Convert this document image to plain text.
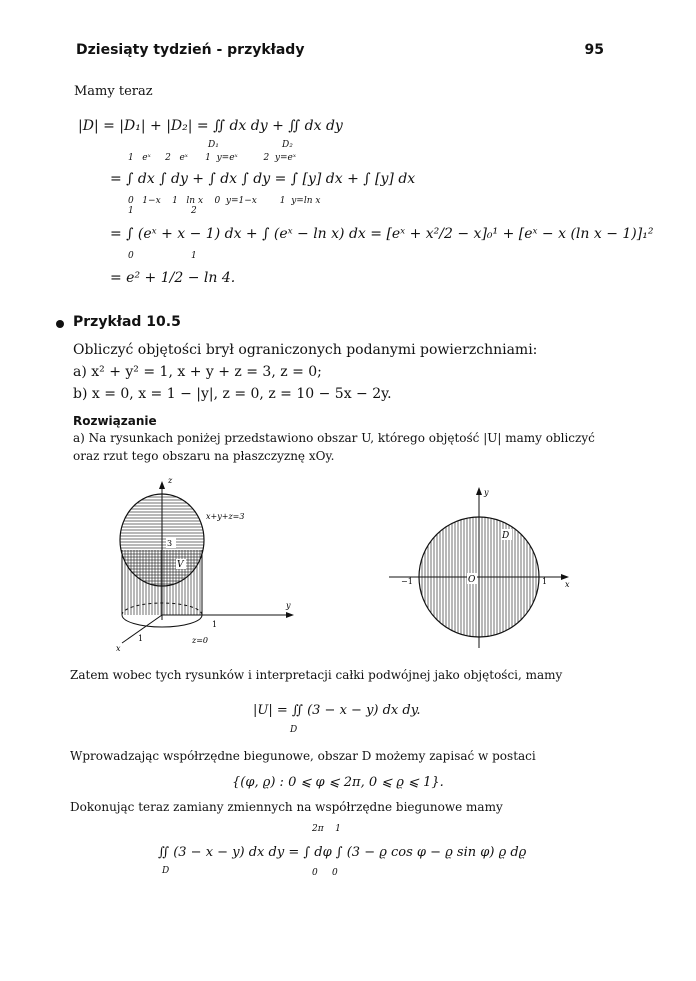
Dziesiąty tydzień - przykłady	95
Mamy teraz
|D| = |D₁| + |D₂| = ∬ dx dy + ∬ dx dy
D₁	D₂
1   eˣ     2   eˣ      1  y=eˣ         2  y=eˣ
= ∫ dx ∫ dy + ∫ dx ∫ dy = ∫ [y] dx + ∫ [y] dx
0   1−x    1   ln x    0  y=1−x        1  y=ln x
1                    2
= ∫ (eˣ + x − 1) dx + ∫ (eˣ − ln x) dx = [eˣ + x²/2 − x]₀¹ + [eˣ − x (ln x − 1)]₁²
0                    1
= e² + 1/2 − ln 4.
Przykład 10.5
Obliczyć objętości brył ograniczonych podanymi powierzchniami:
a) x² + y² = 1, x + y + z = 3, z = 0;
b) x = 0, x = 1 − |y|, z = 0, z = 10 − 5x − 2y.
Rozwiązanie
a) Na rysunkach poniżej przedstawiono obszar U, którego objętość |U| mamy obliczyć
oraz rzut tego obszaru na płaszczyznę xOy.
3
V
z
x+y+z=3
y
x
1
1
z=0
D
O
−1	1 x
y
Zatem wobec tych rysunków i interpretacji całki podwójnej jako objętości, mamy
|U| = ∬ (3 − x − y) dx dy.
D
Wprowadzając współrzędne biegunowe, obszar D możemy zapisać w postaci
{(φ, ϱ) : 0 ⩽ φ ⩽ 2π, 0 ⩽ ϱ ⩽ 1}.
Dokonując teraz zamiany zmiennych na współrzędne biegunowe mamy
2π    1
∬ (3 − x − y) dx dy = ∫ dφ ∫ (3 − ϱ cos φ − ϱ sin φ) ϱ dϱ
0     0
D
